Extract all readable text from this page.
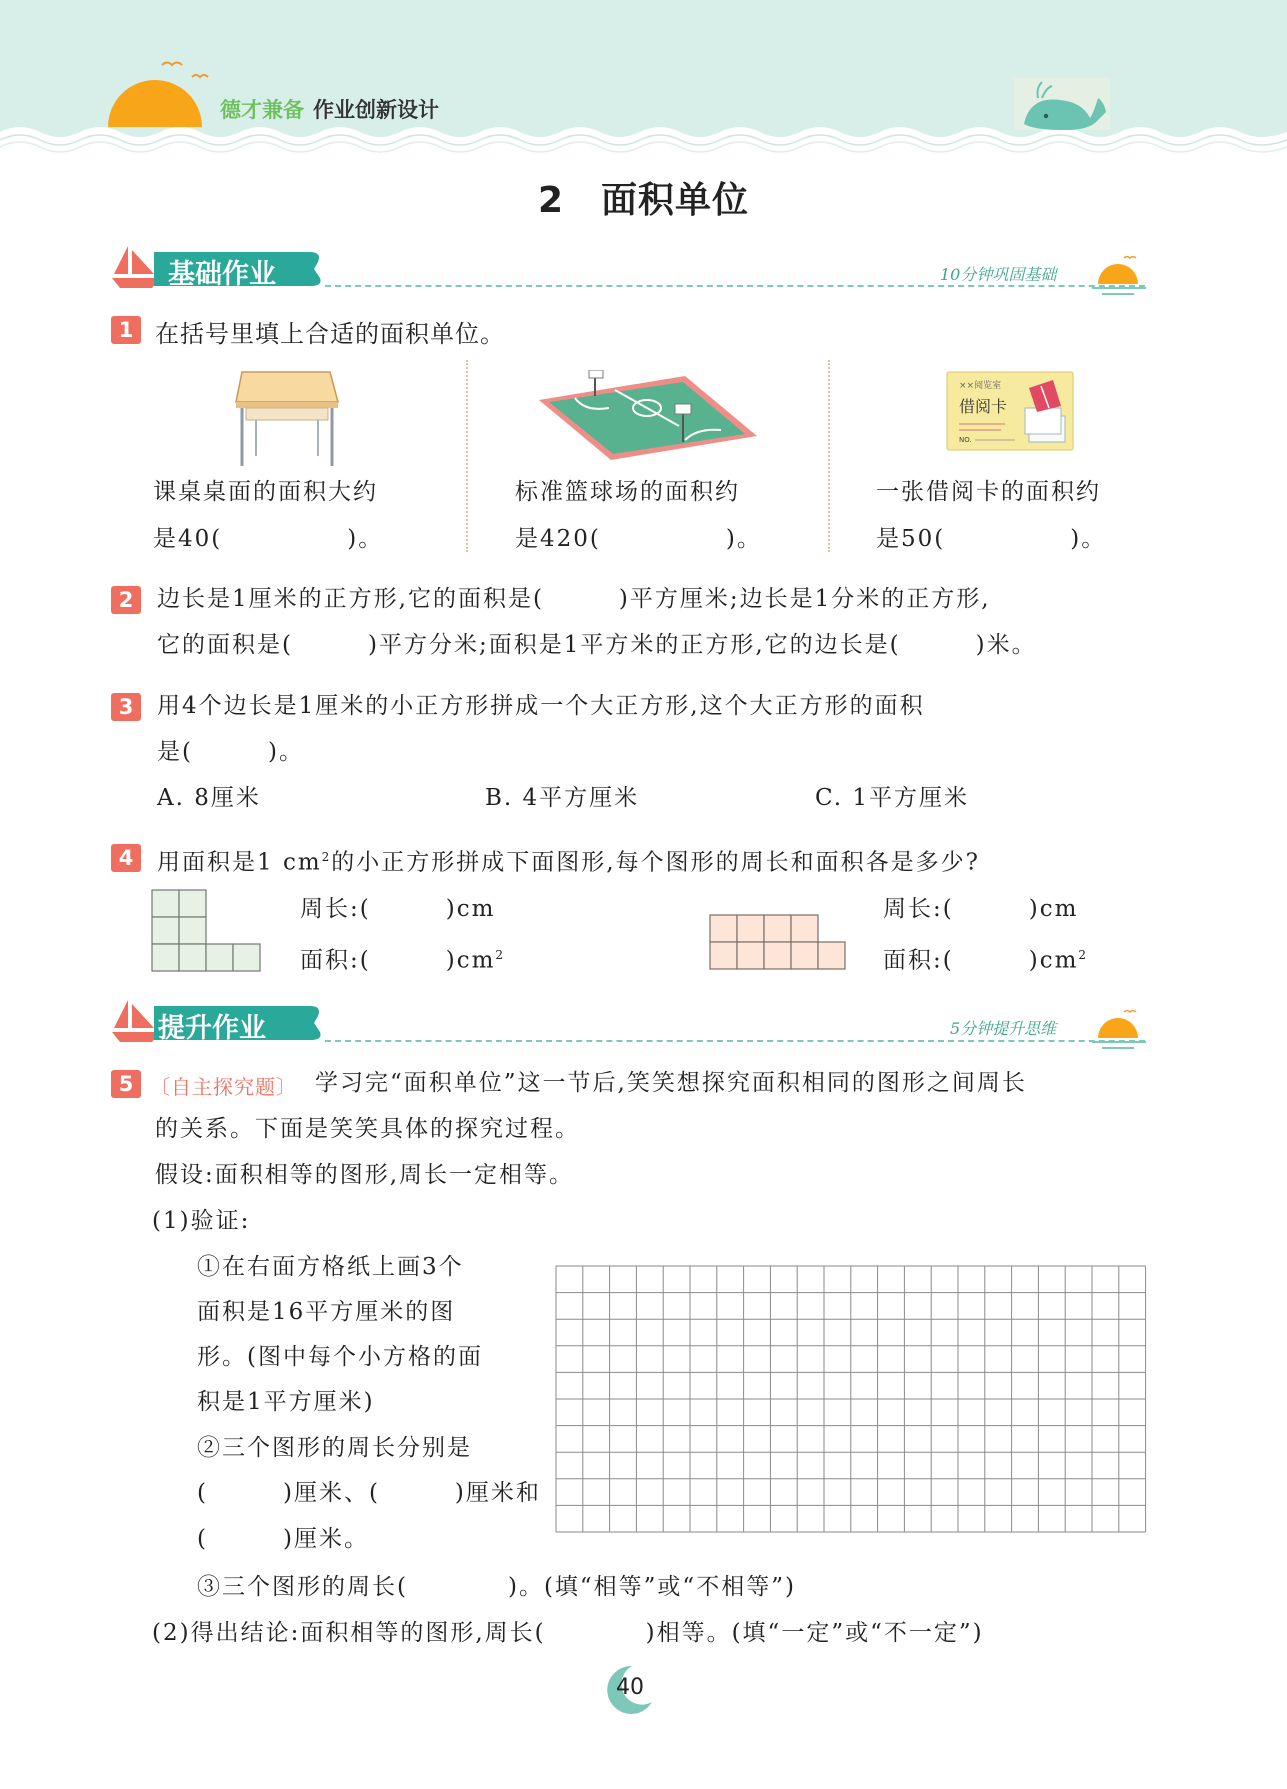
德才兼备 作业创新设计
2　面积单位
基础作业	10分钟巩固基础
1 在括号里填上合适的面积单位。
××阅览室
借阅卡
NO.
课桌桌面的面积大约
是40(　　　　　)。
标准篮球场的面积约
是420(　　　　　)。
一张借阅卡的面积约
是50(　　　　　)。
2	边长是1厘米的正方形,它的面积是(　　　)平方厘米;边长是1分米的正方形,
它的面积是(　　　)平方分米;面积是1平方米的正方形,它的边长是(　　　)米。
3	用4个边长是1厘米的小正方形拼成一个大正方形,这个大正方形的面积
是(　　　)。
A. 8厘米	B. 4平方厘米	C. 1平方厘米
4	用面积是1 $cm^2$的小正方形拼成下面图形,每个图形的周长和面积各是多少?
周长:(　　　)cm
面积:(　　　)$cm^2$
周长:(　　　)cm
面积:(　　　)$cm^2$
提升作业	5分钟提升思维
5 〔自主探究题〕 学习完“面积单位”这一节后,笑笑想探究面积相同的图形之间周长
的关系。下面是笑笑具体的探究过程。
假设:面积相等的图形,周长一定相等。
(1)验证:
①在右面方格纸上画3个
面积是16平方厘米的图
形。(图中每个小方格的面
积是1平方厘米)
②三个图形的周长分别是
(　　　)厘米、(　　　)厘米和
(　　　)厘米。
③三个图形的周长(　　　　)。(填“相等”或“不相等”)
(2)得出结论:面积相等的图形,周长(　　　　)相等。(填“一定”或“不一定”)
40
